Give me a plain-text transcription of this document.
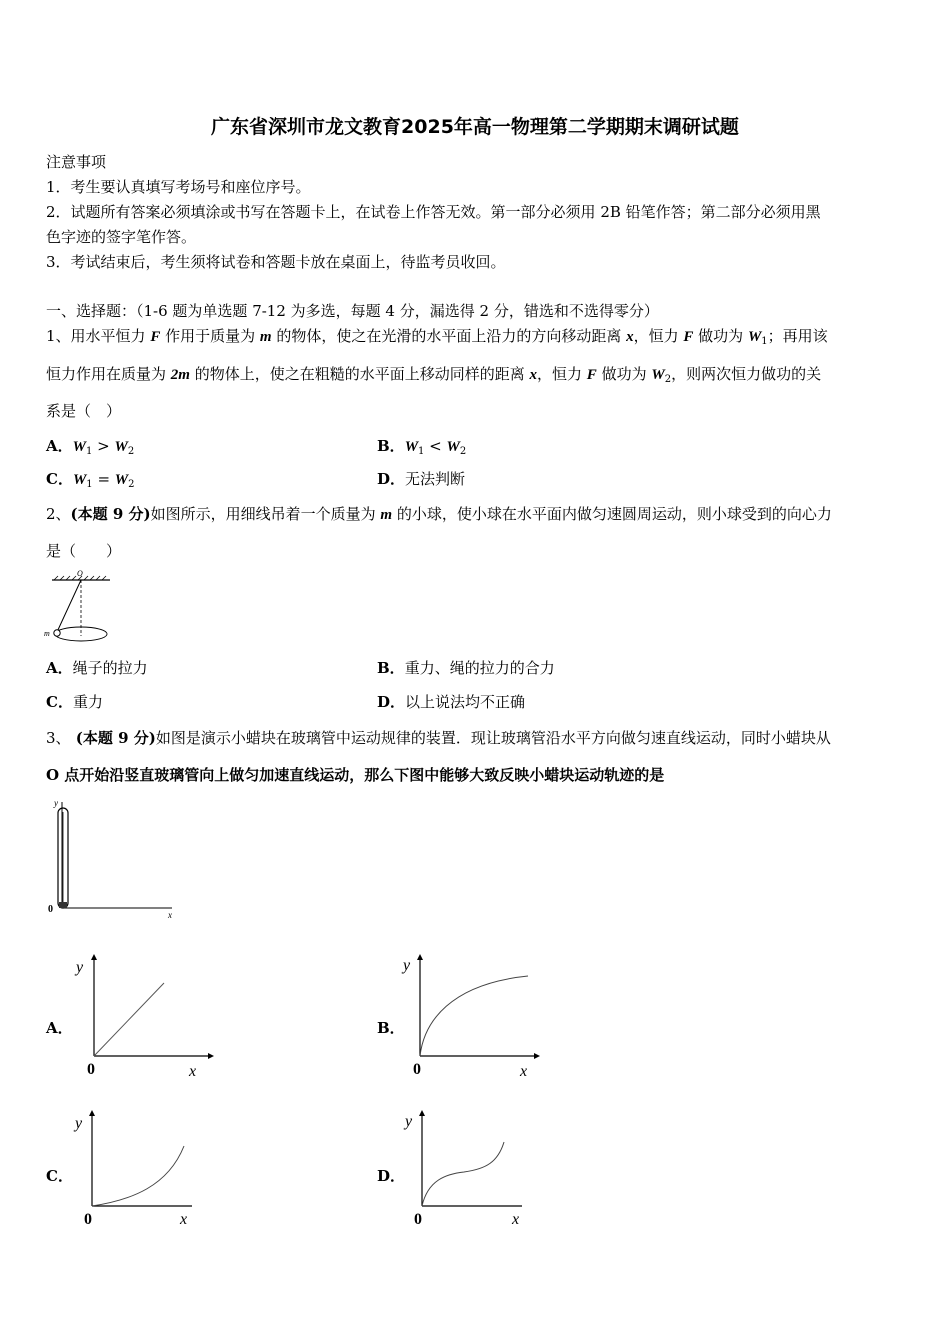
广东省深圳市龙文教育2025年高一物理第二学期期末调研试题
注意事项
1．考生要认真填写考场号和座位序号。
2．试题所有答案必须填涂或书写在答题卡上，在试卷上作答无效。第一部分必须用 2B 铅笔作答；第二部分必须用黑
色字迹的签字笔作答。
3．考试结束后，考生须将试卷和答题卡放在桌面上，待监考员收回。
一、选择题：（1-6 题为单选题 7-12 为多选，每题 4 分，漏选得 2 分，错选和不选得零分）
1、用水平恒力 F 作用于质量为 m 的物体，使之在光滑的水平面上沿力的方向移动距离 x，恒力 F 做功为 $W_1$；再用该
恒力作用在质量为 2m 的物体上，使之在粗糙的水平面上移动同样的距离 x，恒力 F 做功为 $W_2$，则两次恒力做功的关
系是（　）
A．$W_1 > W_2$	B．$W_1 < W_2$
C．$W_1 = W_2$	D．无法判断
2、(本题 9 分)如图所示，用细线吊着一个质量为 m 的小球，使小球在水平面内做匀速圆周运动，则小球受到的向心力
是（　　）
O
m
A．绳子的拉力	B．重力、绳的拉力的合力
C．重力	D．以上说法均不正确
3、 (本题 9 分)如图是演示小蜡块在玻璃管中运动规律的装置．现让玻璃管沿水平方向做匀速直线运动，同时小蜡块从
O 点开始沿竖直玻璃管向上做匀加速直线运动，那么下图中能够大致反映小蜡块运动轨迹的是
y
x
0
A．
y
x
0
B．
y
x
0
C．
y
x
0
D．
y
x
0
